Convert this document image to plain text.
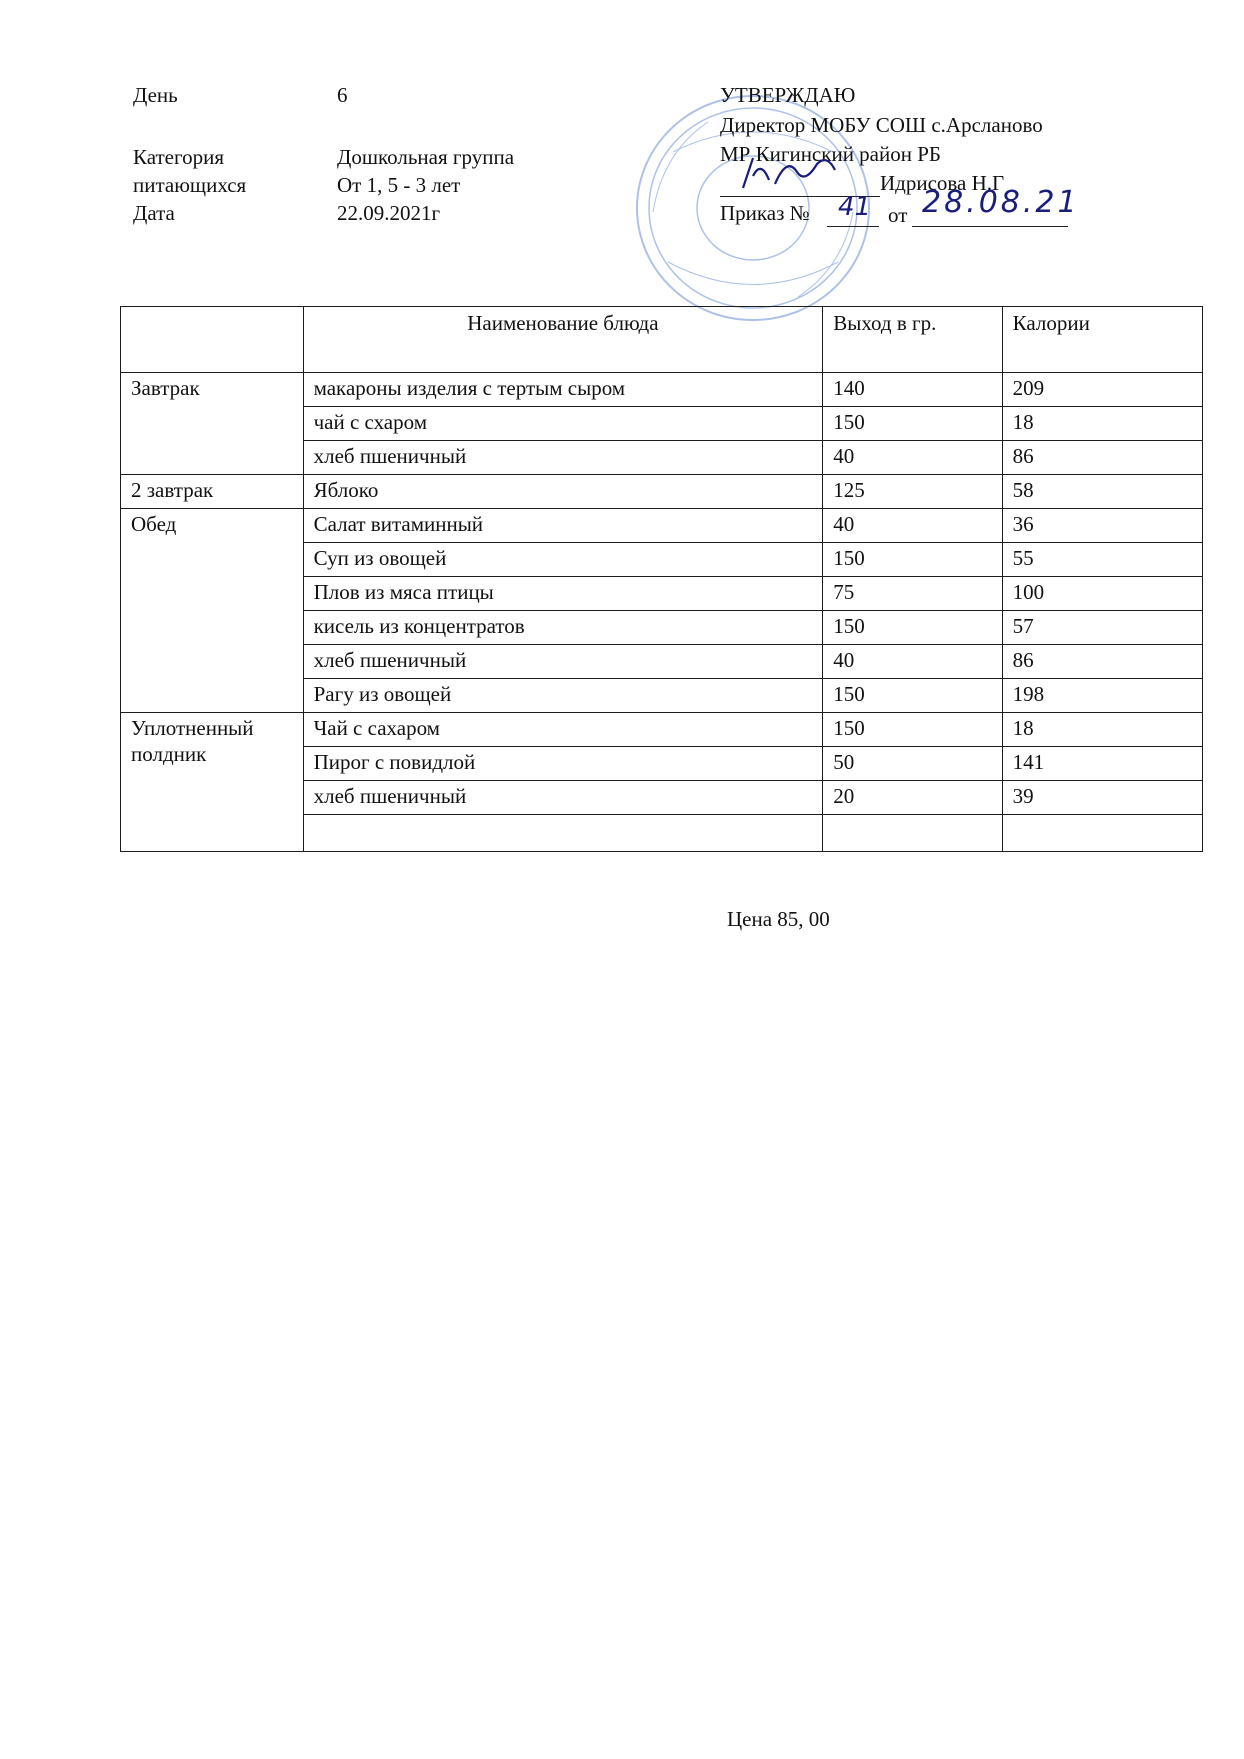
День	6
Категория
питающихся
Дошкольная группа
От 1, 5 - 3 лет
Дата	22.09.2021г
УТВЕРЖДАЮ
Директор МОБУ СОШ с.Арсланово
МР Кигинский район РБ
Идрисова Н.Г
Приказ № 41 от 28.08.21
	Наименование блюда	Выход в гр.	Калории
Завтрак	макароны изделия с тертым сыром	140	209
	чай с схаром	150	18
	хлеб пшеничный	40	86
2 завтрак	Яблоко	125	58
Обед	Салат витаминный	40	36
	Суп из овощей	150	55
	Плов из мяса птицы	75	100
	кисель из концентратов	150	57
	хлеб пшеничный	40	86
	Рагу из овощей	150	198
Уплотненный полдник	Чай с сахаром	150	18
	Пирог с повидлой	50	141
	хлеб пшеничный	20	39

Цена 85, 00
